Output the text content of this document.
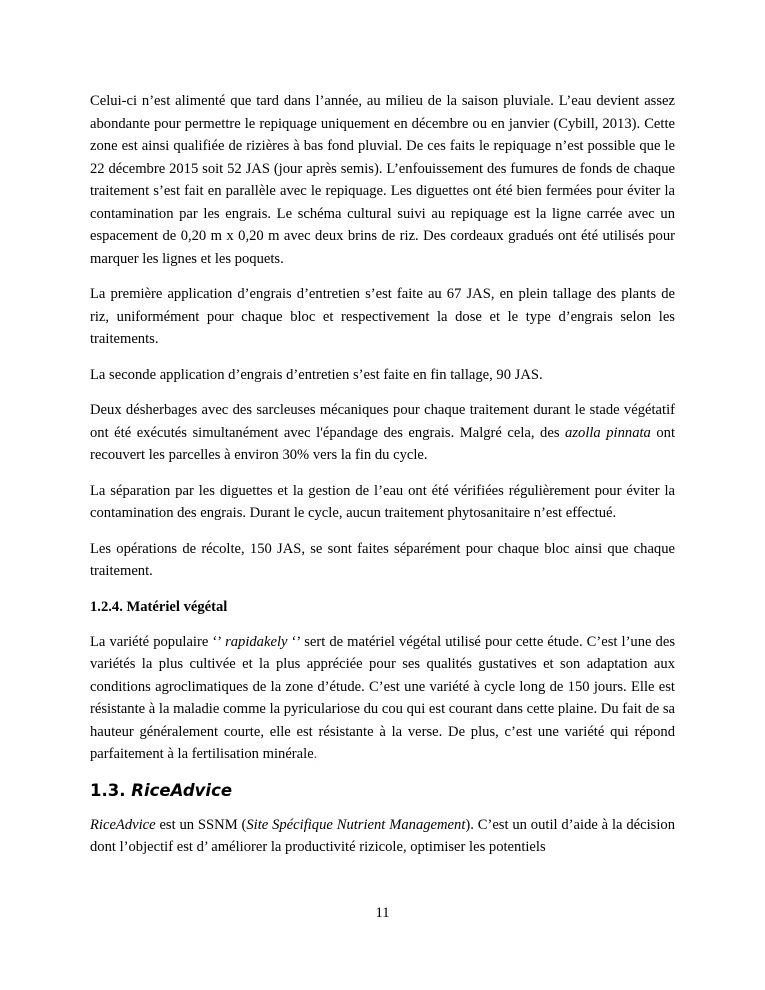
Celui-ci n’est alimenté que tard dans l’année, au milieu de la saison pluviale. L’eau devient assez abondante pour permettre le repiquage uniquement en décembre ou en janvier (Cybill, 2013). Cette zone est ainsi qualifiée de rizières à bas fond pluvial. De ces faits le repiquage n’est possible que le 22 décembre 2015 soit 52 JAS (jour après semis). L’enfouissement des fumures de fonds de chaque traitement s’est fait en parallèle avec le repiquage. Les diguettes ont été bien fermées pour éviter la contamination par les engrais. Le schéma cultural suivi au repiquage est la ligne carrée avec un espacement de 0,20 m x 0,20 m avec deux brins de riz. Des cordeaux gradués ont été utilisés pour marquer les lignes et les poquets.

La première application d’engrais d’entretien s’est faite au 67 JAS, en plein tallage des plants de riz, uniformément pour chaque bloc et respectivement la dose et le type d’engrais selon les traitements.

La seconde application d’engrais d’entretien s’est faite en fin tallage, 90 JAS.

Deux désherbages avec des sarcleuses mécaniques pour chaque traitement durant le stade végétatif ont été exécutés simultanément avec l'épandage des engrais. Malgré cela, des azolla pinnata ont recouvert les parcelles à environ 30% vers la fin du cycle.

La séparation par les diguettes et la gestion de l’eau ont été vérifiées régulièrement pour éviter la contamination des engrais. Durant le cycle, aucun traitement phytosanitaire n’est effectué.

Les opérations de récolte, 150 JAS, se sont faites séparément pour chaque bloc ainsi que chaque traitement.

1.2.4. Matériel végétal

La variété populaire ‘’ rapidakely ‘’ sert de matériel végétal utilisé pour cette étude. C’est l’une des variétés la plus cultivée et la plus appréciée pour ses qualités gustatives et son adaptation aux conditions agroclimatiques de la zone d’étude. C’est une variété à cycle long de 150 jours. Elle est résistante à la maladie comme la pyriculariose du cou qui est courant dans cette plaine. Du fait de sa hauteur généralement courte, elle est résistante à la verse. De plus, c’est une variété qui répond parfaitement à la fertilisation minérale.

1.3. RiceAdvice

RiceAdvice est un SSNM (Site Spécifique Nutrient Management). C’est un outil d’aide à la décision dont l’objectif est d’ améliorer la productivité rizicole, optimiser les potentiels

11
